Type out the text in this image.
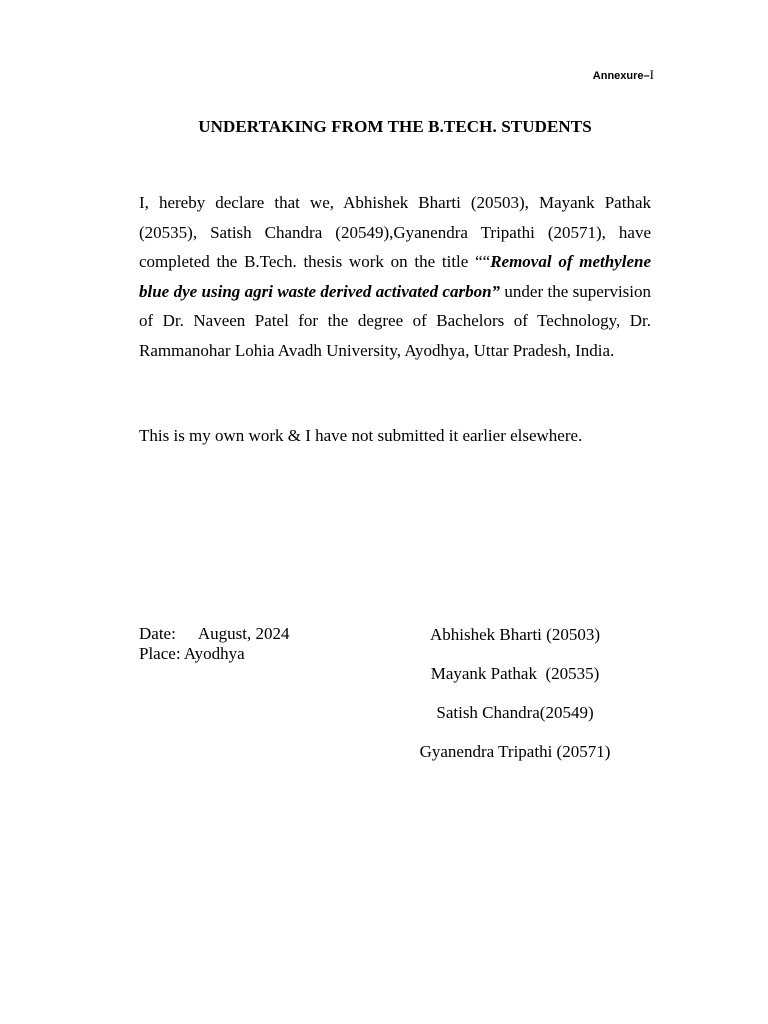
Annexure–I
UNDERTAKING FROM THE B.TECH. STUDENTS

I, hereby declare that we, Abhishek Bharti (20503), Mayank Pathak (20535), Satish Chandra (20549),Gyanendra Tripathi (20571), have completed the B.Tech. thesis work on the title ““Removal of methylene blue dye using agri waste derived activated carbon” under the supervision of Dr. Naveen Patel for the degree of Bachelors of Technology, Dr. Rammanohar Lohia Avadh University, Ayodhya, Uttar Pradesh, India.

This is my own work & I have not submitted it earlier elsewhere.

Date: August, 2024
Place: Ayodhya
Abhishek Bharti (20503)
Mayank Pathak  (20535)
Satish Chandra(20549)
Gyanendra Tripathi (20571)
